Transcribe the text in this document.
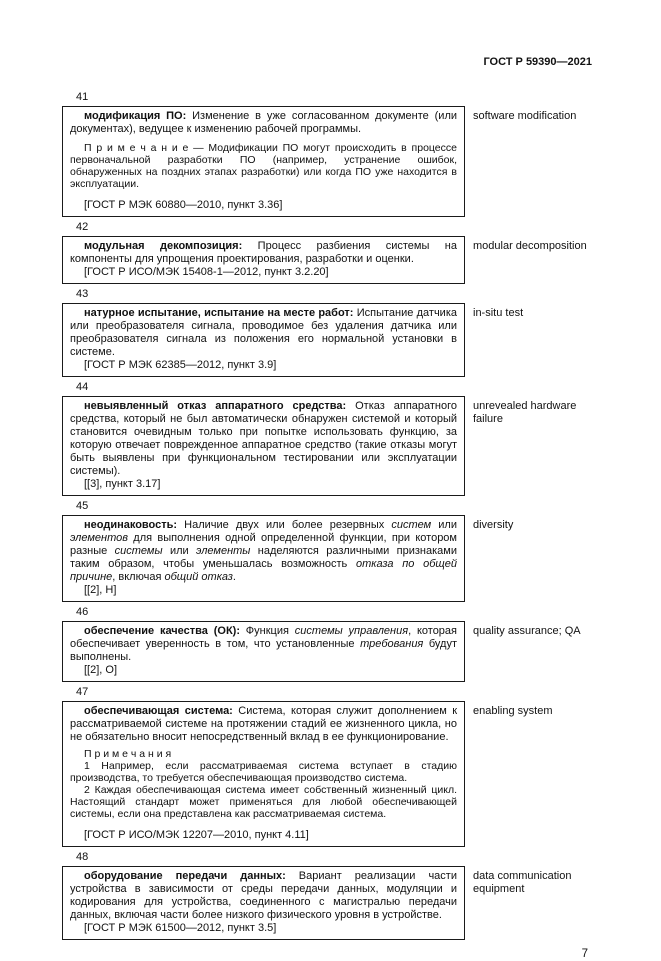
ГОСТ Р 59390—2021
41

модификация ПО: Изменение в уже согласованном документе (или документах), ведущее к изменению рабочей программы.

П р и м е ч а н и е — Модификации ПО могут происходить в процессе первоначальной разработки ПО (например, устранение ошибок, обнаруженных на поздних этапах разработки) или когда ПО уже находится в эксплуатации.

[ГОСТ Р МЭК 60880—2010, пункт 3.36]

software modification
42

модульная декомпозиция: Процесс разбиения системы на компоненты для упрощения проектирования, разработки и оценки.

[ГОСТ Р ИСО/МЭК 15408-1—2012, пункт 3.2.20]

modular decomposition
43

натурное испытание, испытание на месте работ: Испытание датчика или преобразователя сигнала, проводимое без удаления датчика или преобразователя сигнала из положения его нормальной установки в системе.

[ГОСТ Р МЭК 62385—2012, пункт 3.9]

in-situ test
44

невыявленный отказ аппаратного средства: Отказ аппаратного средства, который не был автоматически обнаружен системой и который становится очевидным только при попытке использовать функцию, за которую отвечает поврежденное аппаратное средство (такие отказы могут быть выявлены при функциональном тестировании или эксплуатации системы).

[[3], пункт 3.17]

unrevealed hardware failure
45

неодинаковость: Наличие двух или более резервных систем или элементов для выполнения одной определенной функции, при котором разные системы или элементы наделяются различными признаками таким образом, чтобы уменьшалась возможность отказа по общей причине, включая общий отказ.

[[2], Н]

diversity
46

обеспечение качества (ОК): Функция системы управления, которая обеспечивает уверенность в том, что установленные требования будут выполнены.

[[2], О]

quality assurance; QA
47

обеспечивающая система: Система, которая служит дополнением к рассматриваемой системе на протяжении стадий ее жизненного цикла, но не обязательно вносит непосредственный вклад в ее функционирование.

П р и м е ч а н и я

1 Например, если рассматриваемая система вступает в стадию производства, то требуется обеспечивающая производство система.

2 Каждая обеспечивающая система имеет собственный жизненный цикл. Настоящий стандарт может применяться для любой обеспечивающей системы, если она представлена как рассматриваемая система.

[ГОСТ Р ИСО/МЭК 12207—2010, пункт 4.11]

enabling system
48

оборудование передачи данных: Вариант реализации части устройства в зависимости от среды передачи данных, модуляции и кодирования для устройства, соединенного с магистралью передачи данных, включая части более низкого физического уровня в устройстве.

[ГОСТ Р МЭК 61500—2012, пункт 3.5]

data communication equipment
7
